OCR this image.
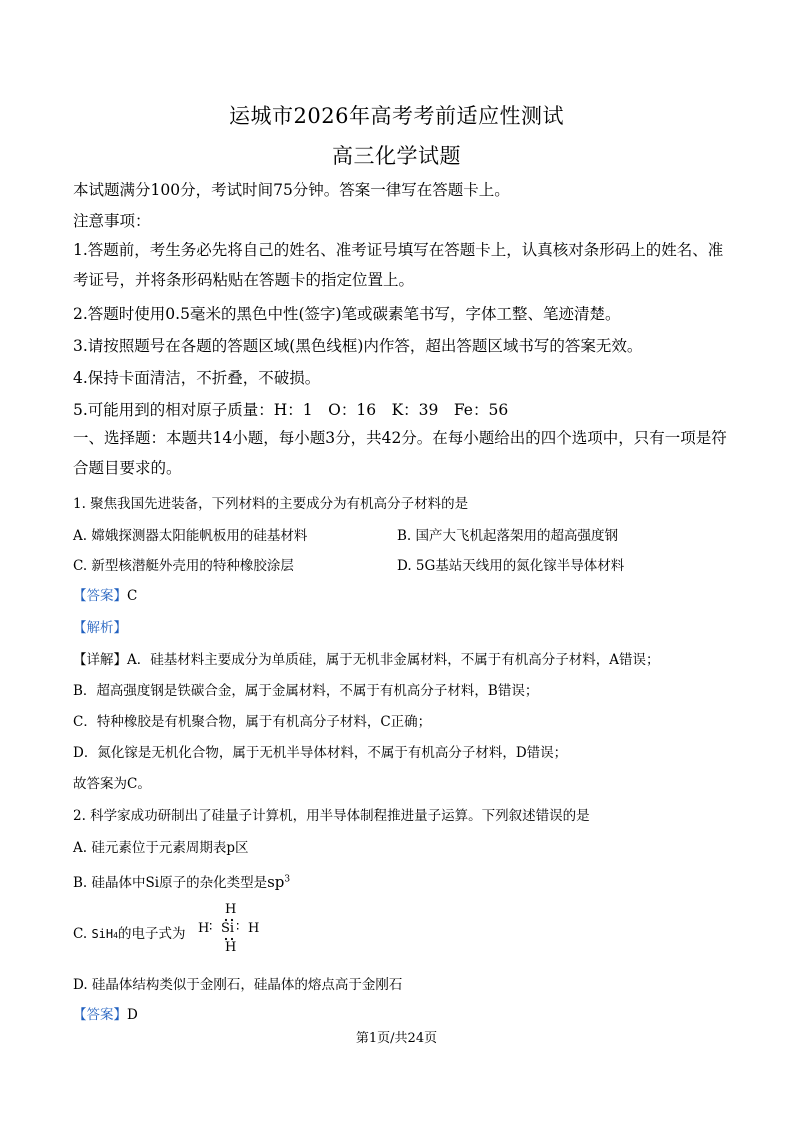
运城市2026年高考考前适应性测试
高三化学试题
本试题满分100分，考试时间75分钟。答案一律写在答题卡上。
注意事项：
1.答题前，考生务必先将自己的姓名、准考证号填写在答题卡上，认真核对条形码上的姓名、准考证号，并将条形码粘贴在答题卡的指定位置上。
2.答题时使用0.5毫米的黑色中性(签字)笔或碳素笔书写，字体工整、笔迹清楚。
3.请按照题号在各题的答题区域(黑色线框)内作答，超出答题区域书写的答案无效。
4.保持卡面清洁，不折叠，不破损。
5.可能用到的相对原子质量：H：1　O：16　K：39　Fe：56
一、选择题：本题共14小题，每小题3分，共42分。在每小题给出的四个选项中，只有一项是符合题目要求的。
1. 聚焦我国先进装备，下列材料的主要成分为有机高分子材料的是
A. 嫦娥探测器太阳能帆板用的硅基材料	B. 国产大飞机起落架用的超高强度钢
C. 新型核潜艇外壳用的特种橡胶涂层	D. 5G基站天线用的氮化镓半导体材料
【答案】C
【解析】
【详解】A．硅基材料主要成分为单质硅，属于无机非金属材料，不属于有机高分子材料，A错误；
B．超高强度钢是铁碳合金，属于金属材料，不属于有机高分子材料，B错误；
C．特种橡胶是有机聚合物，属于有机高分子材料，C正确；
D．氮化镓是无机化合物，属于无机半导体材料，不属于有机高分子材料，D错误；
故答案为C。
2. 科学家成功研制出了硅量子计算机，用半导体制程推进量子运算。下列叙述错误的是
A. 硅元素位于元素周期表p区
B. 硅晶体中Si原子的杂化类型是$sp^3$
C. SiH4的电子式为
H
H ∶ Si ∶ H
H
D. 硅晶体结构类似于金刚石，硅晶体的熔点高于金刚石
【答案】D
第1页/共24页
